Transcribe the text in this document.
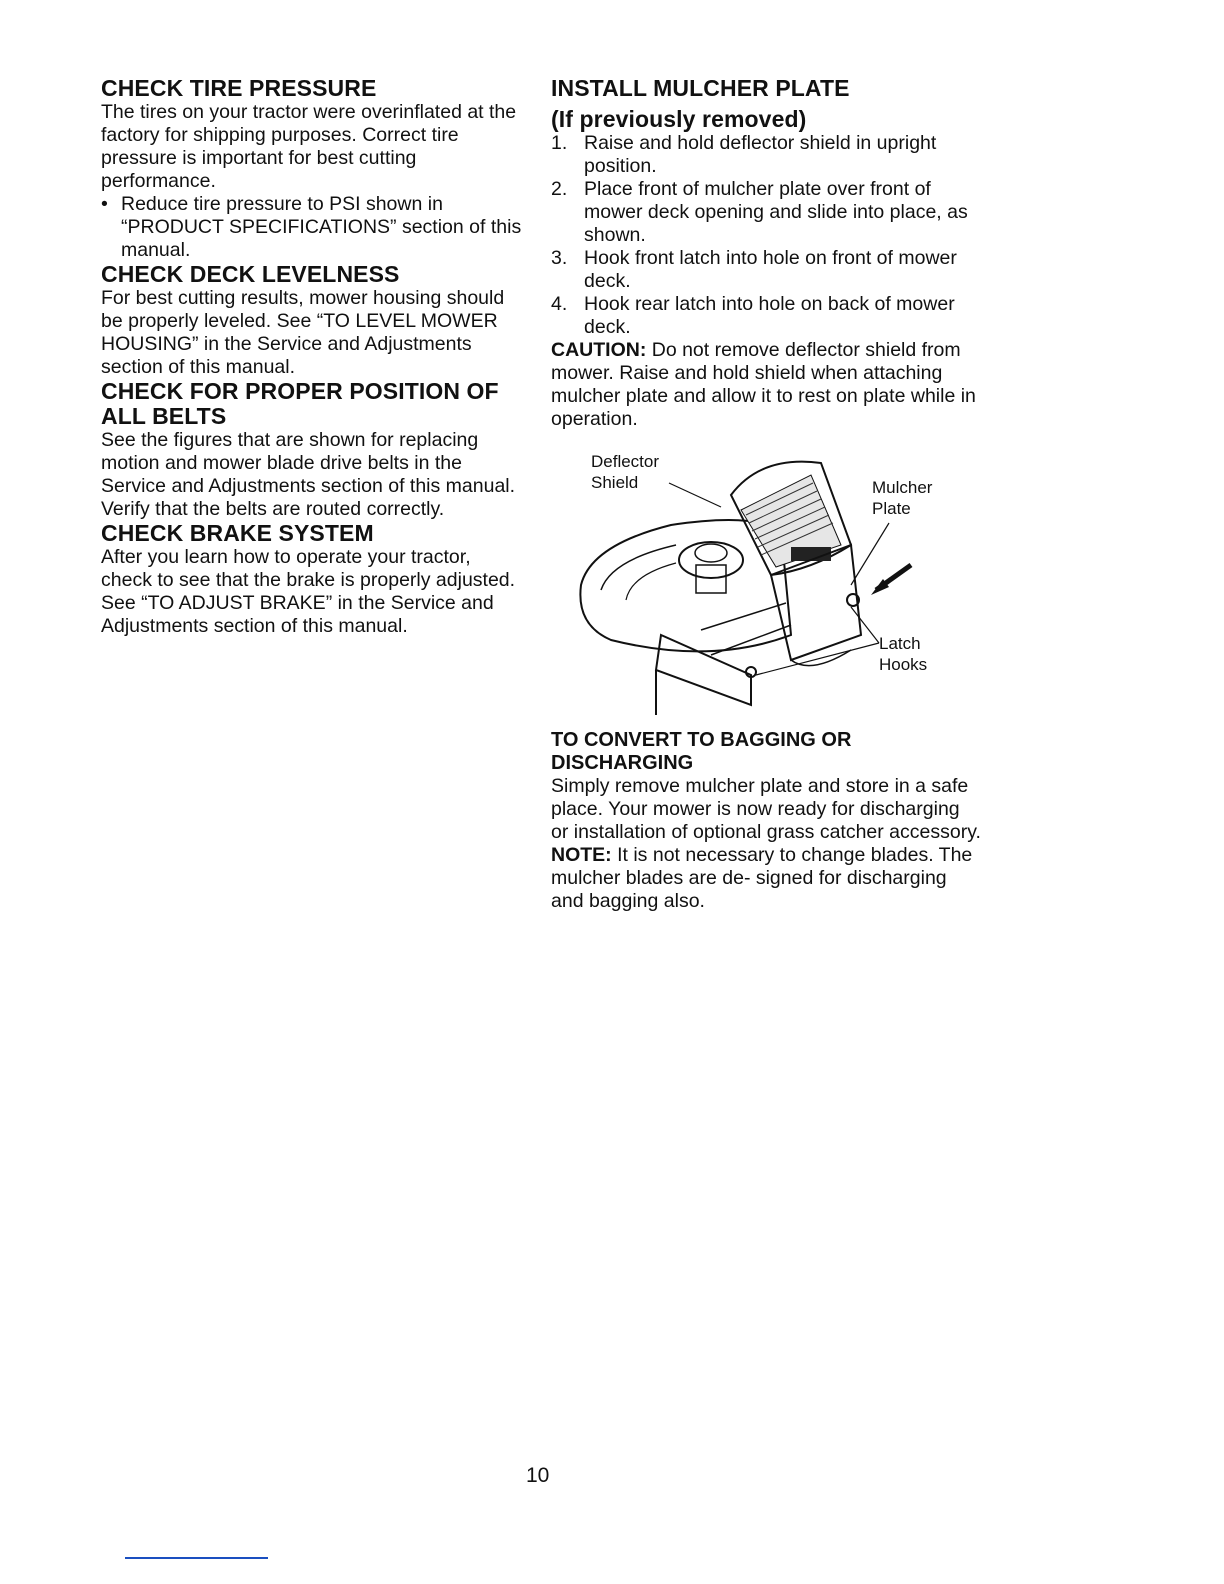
CHECK TIRE PRESSURE

The tires on your tractor were overinflated at the factory for shipping purposes. Correct tire pressure is important for best cutting performance.

• Reduce tire pressure to PSI shown in “PRODUCT SPECIFICATIONS” section of this manual.
CHECK DECK LEVELNESS

For best cutting results, mower housing should be properly leveled. See “TO LEVEL MOWER HOUSING” in the Service and Adjustments section of this manual.

CHECK FOR PROPER POSITION OF ALL BELTS

See the figures that are shown for replacing motion and mower blade drive belts in the Service and Adjustments section of this manual. Verify that the belts are routed correctly.

CHECK BRAKE SYSTEM

After you learn how to operate your tractor, check to see that the brake is properly adjusted. See “TO ADJUST BRAKE” in the Service and Adjustments section of this manual.

INSTALL MULCHER PLATE
(If previously removed)
1. Raise and hold deflector shield in upright position.
2. Place front of mulcher plate over front of mower deck opening and slide into place, as shown.
3. Hook front latch into hole on front of mower deck.
4. Hook rear latch into hole on back of mower deck.

CAUTION: Do not remove deflector shield from mower. Raise and hold shield when attaching mulcher plate and allow it to rest on plate while in operation.

Deflector
Shield	Mulcher
Plate
Latch
Hooks
TO CONVERT TO BAGGING OR DISCHARGING

Simply remove mulcher plate and store in a safe place. Your mower is now ready for discharging or installation of optional grass catcher accessory.

NOTE: It is not necessary to change blades. The mulcher blades are de- signed for discharging and bagging also.

10
